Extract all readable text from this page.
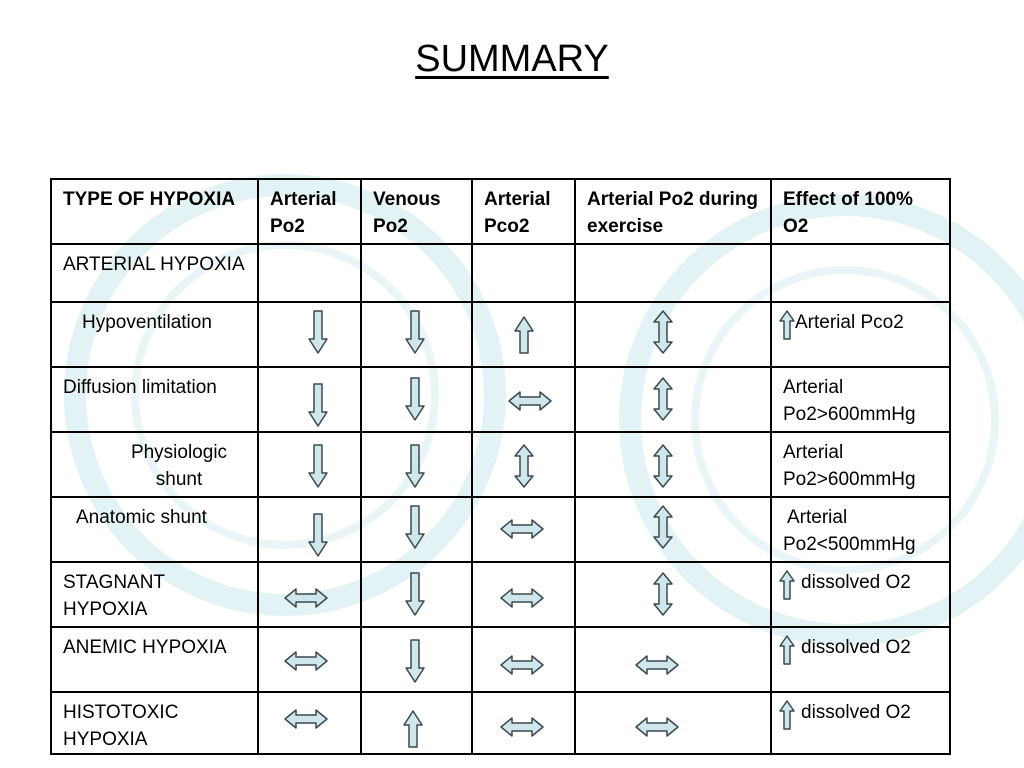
SUMMARY
TYPE OF HYPOXIA	Arterial Po2	Venous Po2	Arterial Pco2	Arterial Po2 during exercise	Effect of 100% O2
ARTERIAL HYPOXIA					
Hypoventilation					Arterial Pco2
Diffusion limitation					Arterial Po2>600mmHg
Physiologic shunt					Arterial Po2>600mmHg
Anatomic shunt					Arterial Po2<500mmHg
STAGNANT HYPOXIA					dissolved O2
ANEMIC HYPOXIA					dissolved O2
HISTOTOXIC HYPOXIA					dissolved O2
